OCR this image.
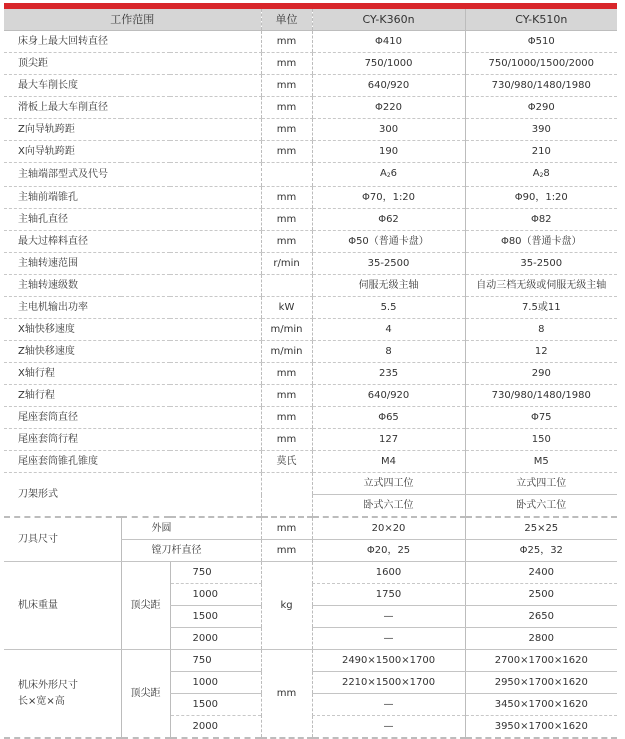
工作范围			单位	CY-K360n	CY-K510n
床身上最大回转直径			mm	Φ410	Φ510
顶尖距			mm	750/1000	750/1000/1500/2000
最大车削长度			mm	640/920	730/980/1480/1980
滑板上最大车削直径			mm	Φ220	Φ290
Z向导轨跨距			mm	300	390
X向导轨跨距			mm	190	210
主轴端部型式及代号				$A_26$	$A_28$
主轴前端锥孔			mm	Φ70，1:20	Φ90，1:20
主轴孔直径			mm	Φ62	Φ82
最大过棒料直径			mm	Φ50（普通卡盘）	Φ80（普通卡盘）
主轴转速范围			r/min	35-2500	35-2500
主轴转速级数				伺服无级主轴	自动三档无级或伺服无级主轴
主电机输出功率			kW	5.5	7.5或11
X轴快移速度			m/min	4	8
Z轴快移速度			m/min	8	12
X轴行程			mm	235	290
Z轴行程			mm	640/920	730/980/1480/1980
尾座套筒直径			mm	Φ65	Φ75
尾座套筒行程			mm	127	150
尾座套筒锥孔锥度			莫氏	M4	M5
刀架形式				立式四工位	立式四工位
				卧式六工位	卧式六工位
刀具尺寸	外圆		mm	20×20	25×25
	镗刀杆直径		mm	Φ20，25	Φ25，32
机床重量	顶尖距	750	kg	1600	2400
		1000		1750	2500
		1500		—	2650
		2000		—	2800
机床外形尺寸
长×宽×高	顶尖距	750	mm	2490×1500×1700	2700×1700×1620
		1000		2210×1500×1700	2950×1700×1620
		1500		—	3450×1700×1620
		2000		—	3950×1700×1620
